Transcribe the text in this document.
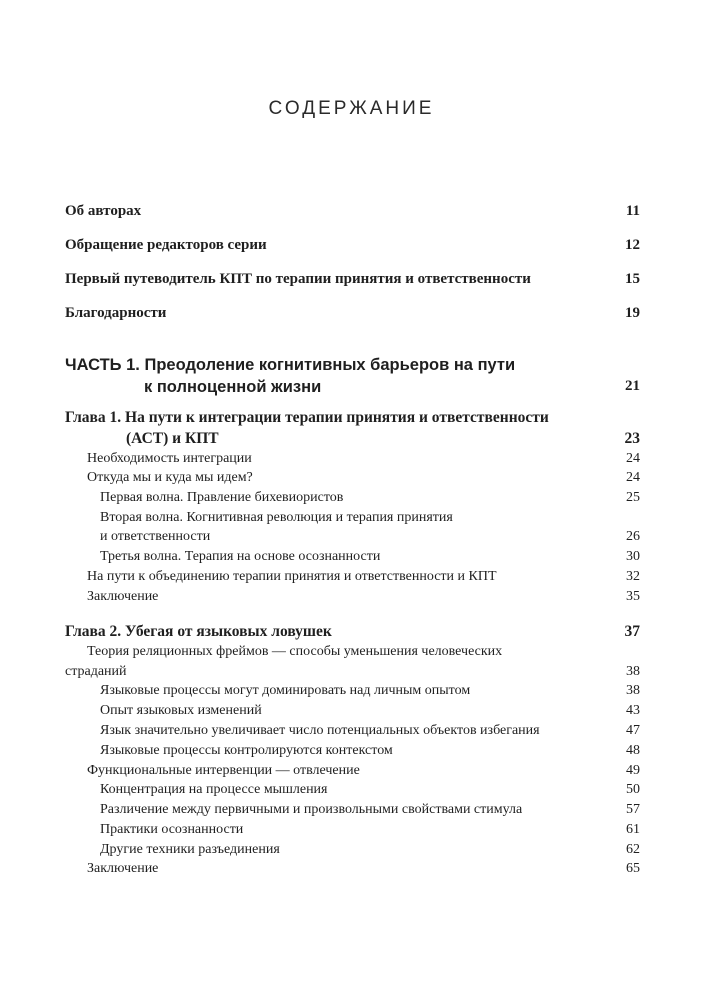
СОДЕРЖАНИЕ
Об авторах	11
Обращение редакторов серии	12
Первый путеводитель КПТ по терапии принятия и ответственности	15
Благодарности	19
ЧАСТЬ 1. Преодоление когнитивных барьеров на пути
к полноценной жизни	21
Глава 1. На пути к интеграции терапии принятия и ответственности
(АСТ) и КПТ	23
Необходимость интеграции	24
Откуда мы и куда мы идем?	24
Первая волна. Правление бихевиористов	25
Вторая волна. Когнитивная революция и терапия принятия
и ответственности	26
Третья волна. Терапия на основе осознанности	30
На пути к объединению терапии принятия и ответственности и КПТ	32
Заключение	35
Глава 2. Убегая от языковых ловушек	37
Теория реляционных фреймов — способы уменьшения человеческих
страданий	38
Языковые процессы могут доминировать над личным опытом	38
Опыт языковых изменений	43
Язык значительно увеличивает число потенциальных объектов избегания	47
Языковые процессы контролируются контекстом	48
Функциональные интервенции — отвлечение	49
Концентрация на процессе мышления	50
Различение между первичными и произвольными свойствами стимула	57
Практики осознанности	61
Другие техники разъединения	62
Заключение	65
